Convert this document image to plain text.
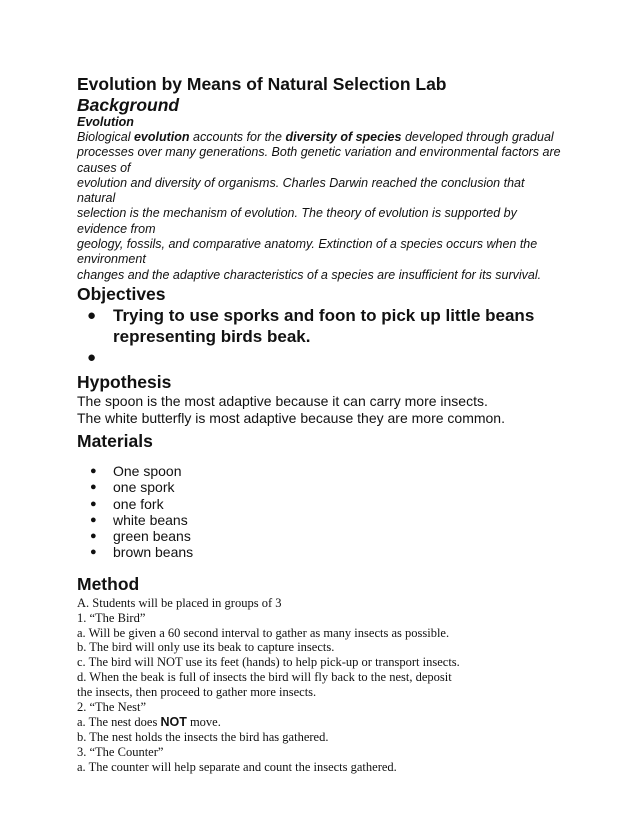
Evolution by Means of Natural Selection Lab
Background
Evolution
Biological evolution accounts for the diversity of species developed through gradual
processes over many generations. Both genetic variation and environmental factors are
causes of
evolution and diversity of organisms. Charles Darwin reached the conclusion that
natural
selection is the mechanism of evolution. The theory of evolution is supported by
evidence from
geology, fossils, and comparative anatomy. Extinction of a species occurs when the
environment
changes and the adaptive characteristics of a species are insufficient for its survival.
Objectives
● Trying to use sporks and foon to pick up little beans representing birds beak.
●
Hypothesis
The spoon is the most adaptive because it can carry more insects.
The white butterfly is most adaptive because they are more common.
Materials
● One spoon
● one spork
● one fork
● white beans
● green beans
● brown beans
Method
A. Students will be placed in groups of 3
1. “The Bird”
a. Will be given a 60 second interval to gather as many insects as possible.
b. The bird will only use its beak to capture insects.
c. The bird will NOT use its feet (hands) to help pick-up or transport insects.
d. When the beak is full of insects the bird will fly back to the nest, deposit
the insects, then proceed to gather more insects.
2. “The Nest”
a. The nest does NOT move.
b. The nest holds the insects the bird has gathered.
3. “The Counter”
a. The counter will help separate and count the insects gathered.
